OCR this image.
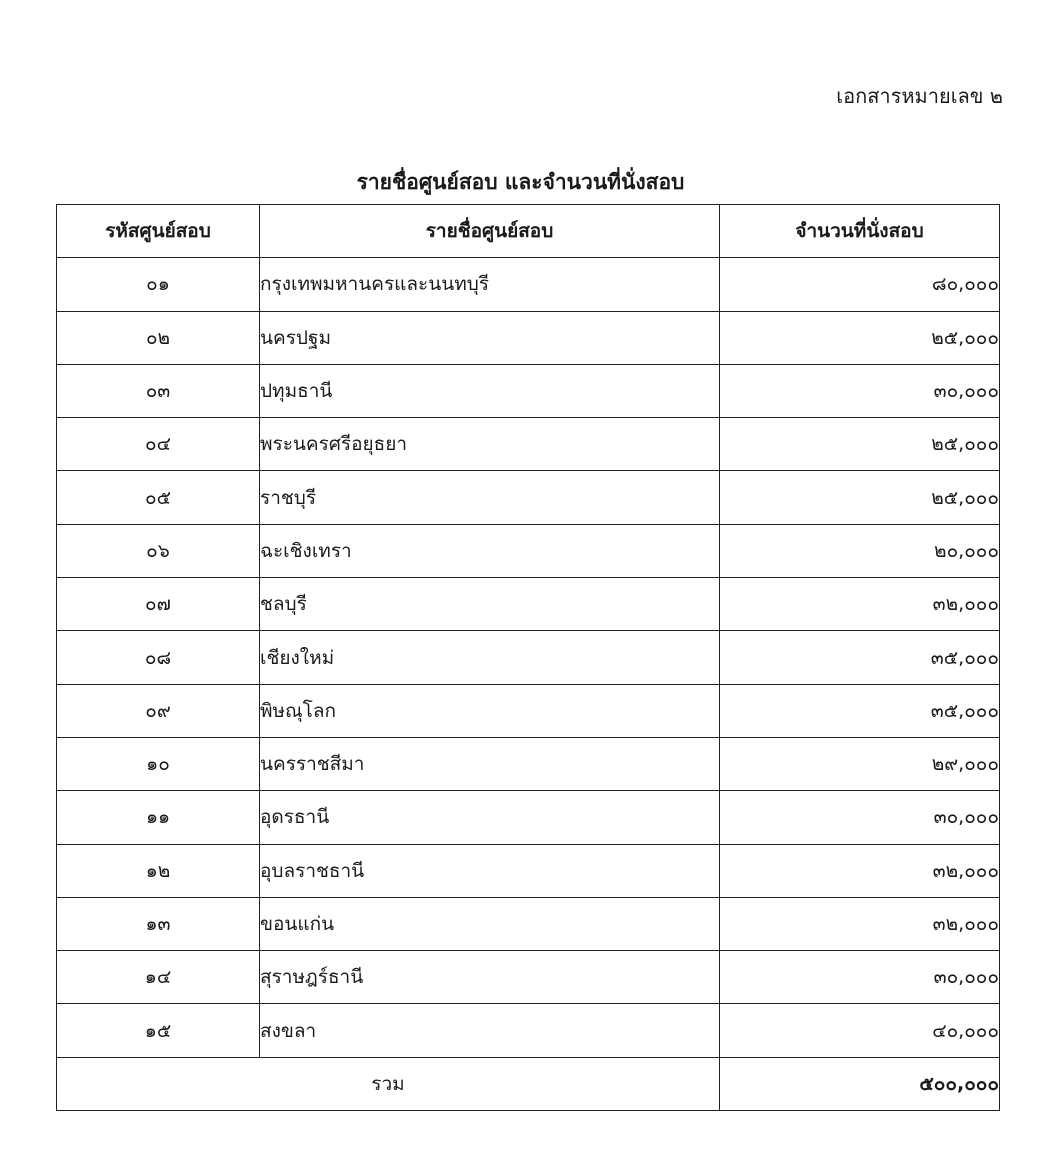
เอกสารหมายเลข ๒
รายชื่อศูนย์สอบ และจำนวนที่นั่งสอบ
รหัสศูนย์สอบ	รายชื่อศูนย์สอบ	จำนวนที่นั่งสอบ
๐๑	กรุงเทพมหานครและนนทบุรี	๘๐,๐๐๐
๐๒	นครปฐม	๒๕,๐๐๐
๐๓	ปทุมธานี	๓๐,๐๐๐
๐๔	พระนครศรีอยุธยา	๒๕,๐๐๐
๐๕	ราชบุรี	๒๕,๐๐๐
๐๖	ฉะเชิงเทรา	๒๐,๐๐๐
๐๗	ชลบุรี	๓๒,๐๐๐
๐๘	เชียงใหม่	๓๕,๐๐๐
๐๙	พิษณุโลก	๓๕,๐๐๐
๑๐	นครราชสีมา	๒๙,๐๐๐
๑๑	อุดรธานี	๓๐,๐๐๐
๑๒	อุบลราชธานี	๓๒,๐๐๐
๑๓	ขอนแก่น	๓๒,๐๐๐
๑๔	สุราษฎร์ธานี	๓๐,๐๐๐
๑๕	สงขลา	๔๐,๐๐๐
รวม		๕๐๐,๐๐๐
